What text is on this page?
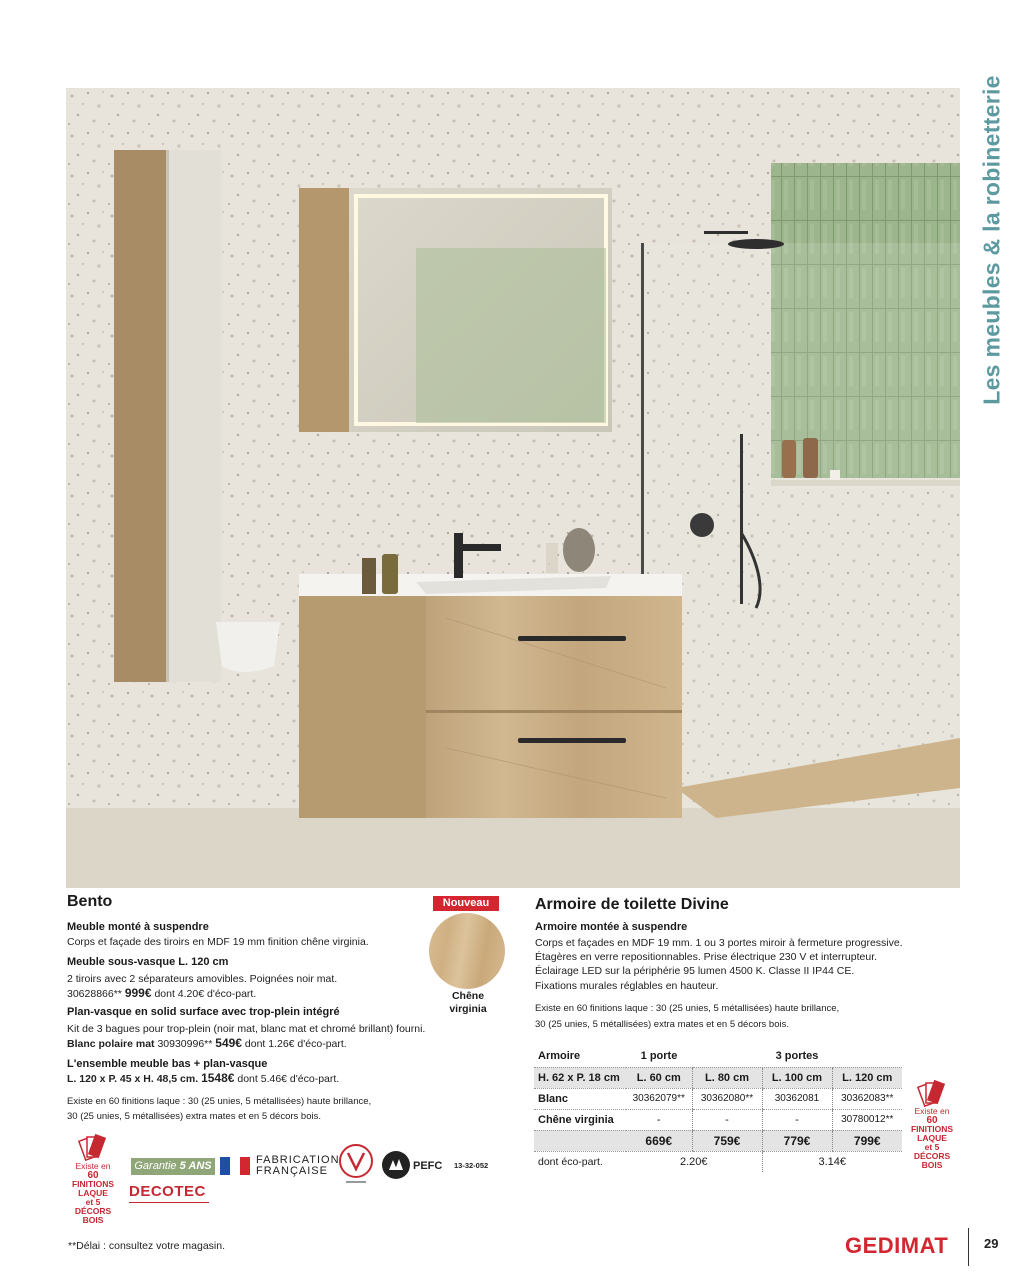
Les meubles & la robinetterie
Bento
Meuble monté à suspendre
Corps et façade des tiroirs en MDF 19 mm finition chêne virginia.
Meuble sous-vasque L. 120 cm
2 tiroirs avec 2 séparateurs amovibles. Poignées noir mat.
30628866** 999€ dont 4.20€ d'éco-part.
Plan-vasque en solid surface avec trop-plein intégré
Kit de 3 bagues pour trop-plein (noir mat, blanc mat et chromé brillant) fourni.
Blanc polaire mat 30930996** 549€ dont 1.26€ d'éco-part.
L'ensemble meuble bas + plan-vasque
L. 120 x P. 45 x H. 48,5 cm. 1548€ dont 5.46€ d'éco-part.
Existe en 60 finitions laque : 30 (25 unies, 5 métallisées) haute brillance,
30 (25 unies, 5 métallisées) extra mates et en 5 décors bois.
Nouveau
Chêne
virginia
Armoire de toilette Divine
Armoire montée à suspendre
Corps et façades en MDF 19 mm. 1 ou 3 portes miroir à fermeture progressive.
Étagères en verre repositionnables. Prise électrique 230 V et interrupteur.
Éclairage LED sur la périphérie 95 lumen 4500 K. Classe II IP44 CE.
Fixations murales réglables en hauteur.
Existe en 60 finitions laque : 30 (25 unies, 5 métallisées) haute brillance,
30 (25 unies, 5 métallisées) extra mates et en 5 décors bois.
Armoire	1 porte	3 portes		
H. 62 x P. 18 cm	L. 60 cm	L. 80 cm	L. 100 cm	L. 120 cm
Blanc	30362079**	30362080**	30362081	30362083**
Chêne virginia	-	-	-	30780012**
	669€	759€	779€	799€
dont éco-part.	2.20€		3.14€	
Existe en
60
FINITIONS
LAQUE
et 5 DÉCORS
BOIS
Existe en
60
FINITIONS
LAQUE
et 5 DÉCORS
BOIS
Garantie 5 ANS
DECOTEC
FABRICATION
FRANÇAISE	PEFC 13-32-052
**Délai : consultez votre magasin.	GEDIMAT	29
